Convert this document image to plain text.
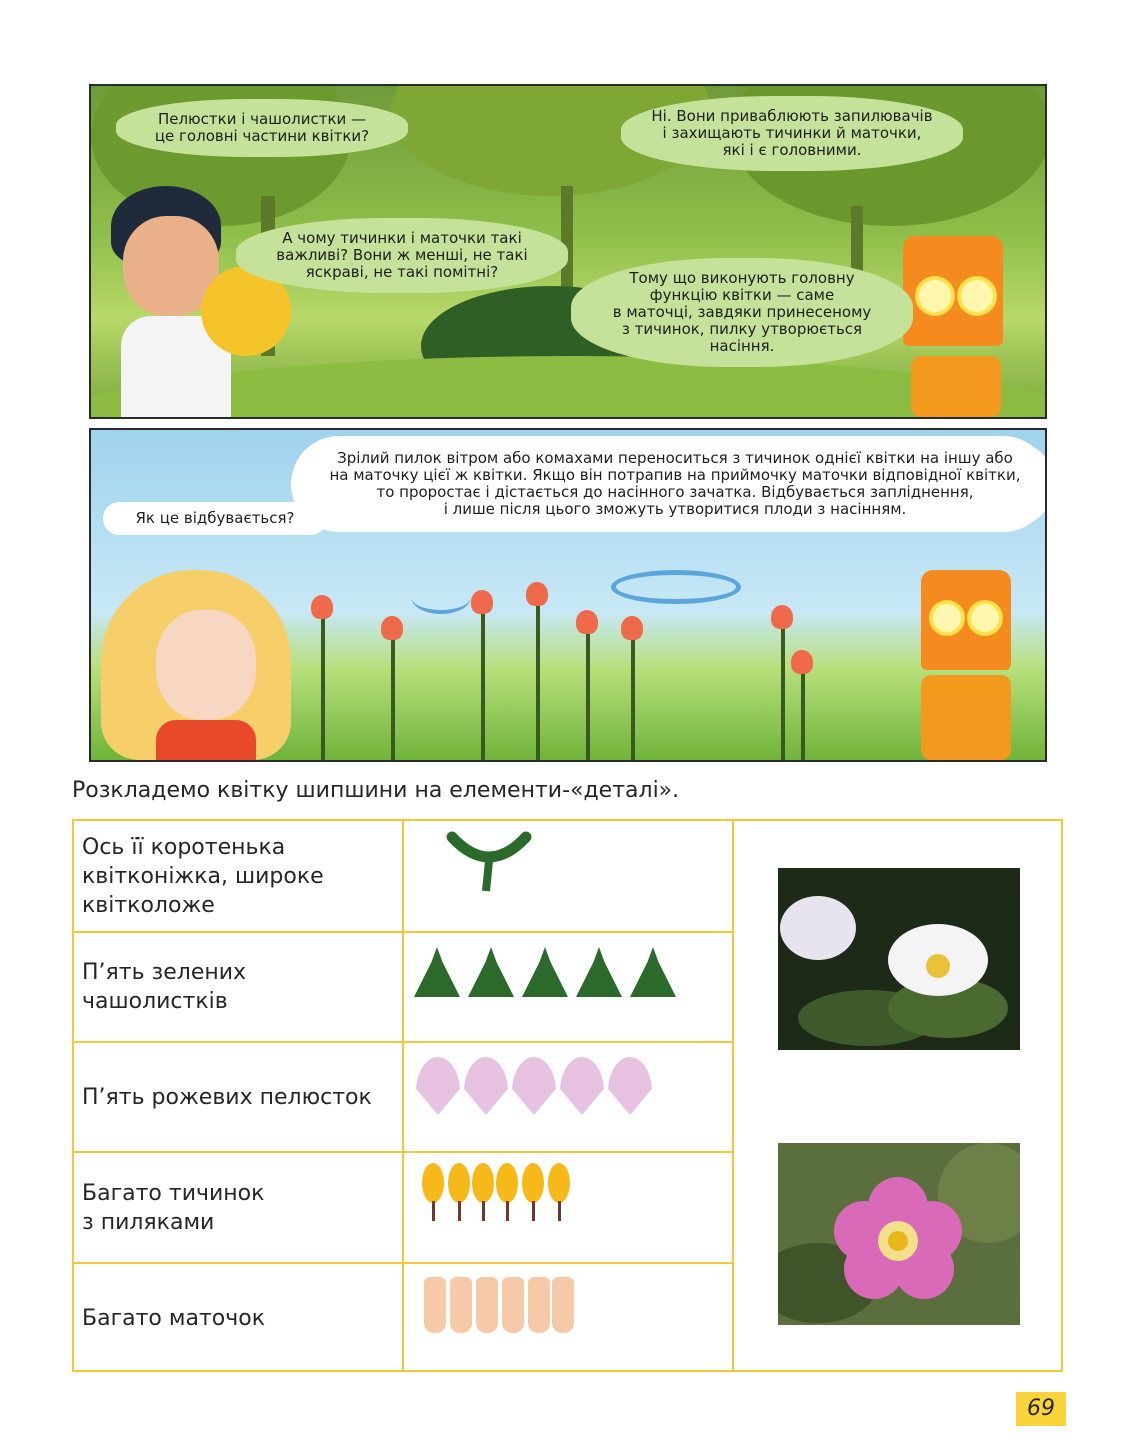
Пелюстки і чашолистки —
це головні частини квітки?
Ні. Вони приваблюють запилювачів
і захищають тичинки й маточки,
які і є головними.
А чому тичинки і маточки такі
важливі? Вони ж менші, не такі
яскраві, не такі помітні?	Тому що виконують головну
функцію квітки — саме
в маточці, завдяки принесеному
з тичинок, пилку утворюється
насіння.
Зрілий пилок вітром або комахами переноситься з тичинок однієї квітки на іншу або
на маточку цієї ж квітки. Якщо він потрапив на приймочку маточки відповідної квітки,
то проростає і дістається до насінного зачатка. Відбувається запліднення,
і лише після цього зможуть утворитися плоди з насінням.
Як це відбувається?
Розкладемо квітку шипшини на елементи-«деталі».
Ось її коротенька
квітконіжка, широке
квітколоже
П’ять зелених
чашолистків
П’ять рожевих пелюсток
Багато тичинок
з пиляками
Багато маточок
69
